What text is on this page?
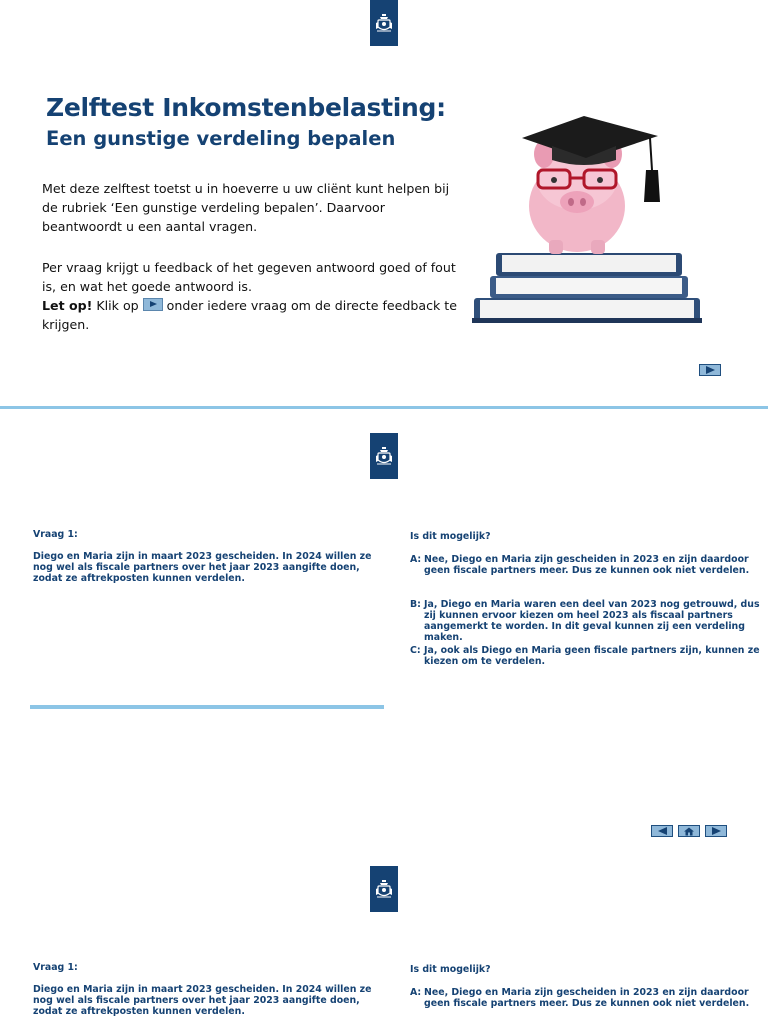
Zelftest Inkomstenbelasting:
Een gunstige verdeling bepalen

Met deze zelftest toetst u in hoeverre u uw cliënt kunt helpen bij de rubriek ‘Een gunstige verdeling bepalen’. Daarvoor beantwoordt u een aantal vragen.

Per vraag krijgt u feedback of het gegeven antwoord goed of fout is, en wat het goede antwoord is.

Let op! Klik op  onder iedere vraag om de directe feedback te krijgen.

Vraag 1:

Diego en Maria zijn in maart 2023 gescheiden. In 2024 willen ze nog wel als fiscale partners over het jaar 2023 aangifte doen, zodat ze aftrekposten kunnen verdelen.

Is dit mogelijk?

A: Nee, Diego en Maria zijn gescheiden in 2023 en zijn daardoor geen fiscale partners meer. Dus ze kunnen ook niet verdelen.

B: Ja, Diego en Maria waren een deel van 2023 nog getrouwd, dus zij kunnen ervoor kiezen om heel 2023 als fiscaal partners aangemerkt te worden. In dit geval kunnen zij een verdeling maken.

C: Ja, ook als Diego en Maria geen fiscale partners zijn, kunnen ze kiezen om te verdelen.

Vraag 1:

Diego en Maria zijn in maart 2023 gescheiden. In 2024 willen ze nog wel als fiscale partners over het jaar 2023 aangifte doen, zodat ze aftrekposten kunnen verdelen.

Is dit mogelijk?

A: Nee, Diego en Maria zijn gescheiden in 2023 en zijn daardoor geen fiscale partners meer. Dus ze kunnen ook niet verdelen.
